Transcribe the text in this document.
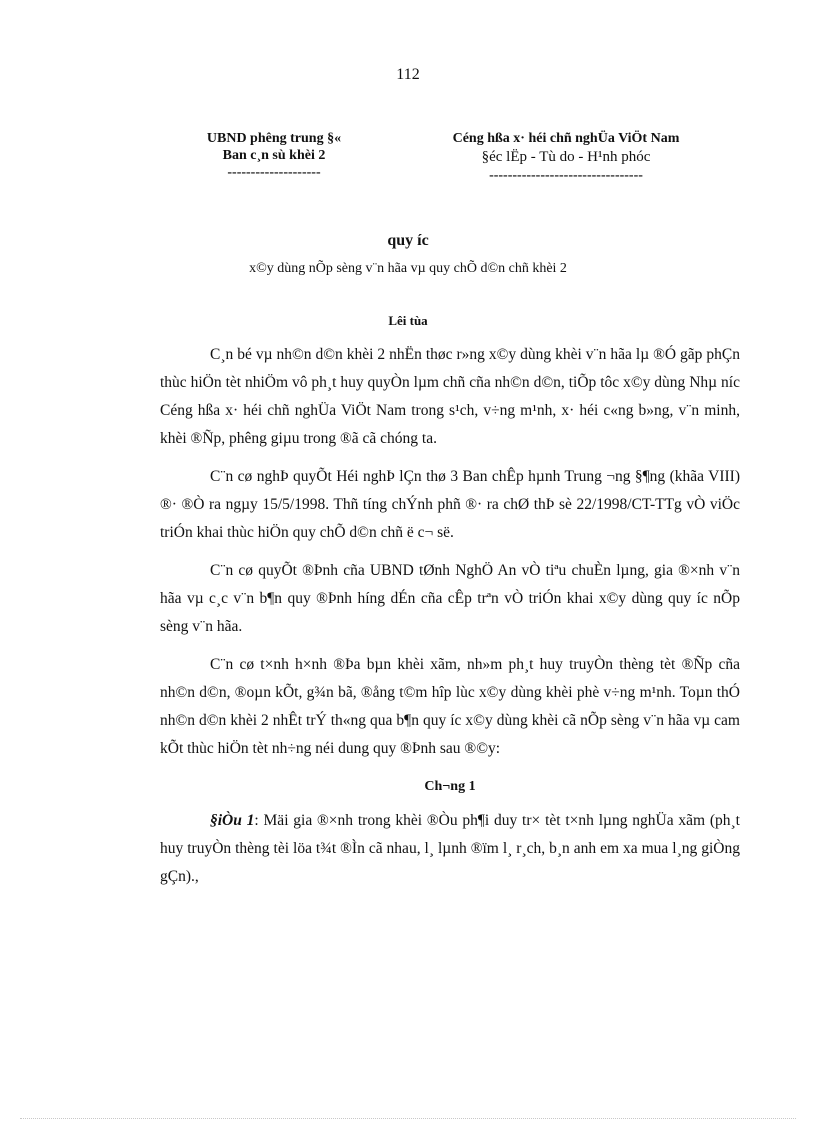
112
UBND phêng trung §«
Ban c¸n sù khèi 2
--------------------
Céng hßa x· héi chñ nghÜa ViÖt Nam
§éc lËp - Tù do - H¹nh phóc
---------------------------------
quy íc
x©y dùng nÕp sèng v¨n hãa vµ quy chÕ d©n chñ khèi 2
Lêi tùa

C¸n bé vµ nh©n d©n khèi 2 nhËn thøc r»ng x©y dùng khèi v¨n hãa lµ ®Ó gãp phÇn thùc hiÖn tèt nhiÖm vô ph¸t huy quyÒn lµm chñ cña nh©n d©n, tiÕp tôc x©y dùng Nhµ níc Céng hßa x· héi chñ nghÜa ViÖt Nam trong s¹ch, v÷ng m¹nh, x· héi c«ng b»ng, v¨n minh, khèi ®Ñp, phêng giµu trong ®ã cã chóng ta.

C¨n cø nghÞ quyÕt Héi nghÞ lÇn thø 3 Ban chÊp hµnh Trung ¬ng §¶ng (khãa VIII) ®· ®Ò ra ngµy 15/5/1998. Thñ tíng chÝnh phñ ®· ra chØ thÞ sè 22/1998/CT-TTg vÒ viÖc triÓn khai thùc hiÖn quy chÕ d©n chñ ë c¬ së.

C¨n cø quyÕt ®Þnh cña UBND tØnh NghÖ An vÒ tiªu chuÈn lµng, gia ®×nh v¨n hãa vµ c¸c v¨n b¶n quy ®Þnh híng dÉn cña cÊp trªn vÒ triÓn khai x©y dùng quy íc nÕp sèng v¨n hãa.

C¨n cø t×nh h×nh ®Þa bµn khèi xãm, nh»m ph¸t huy truyÒn thèng tèt ®Ñp cña nh©n d©n, ®oµn kÕt, g¾n bã, ®ång t©m hîp lùc x©y dùng khèi phè v÷ng m¹nh. Toµn thÓ nh©n d©n khèi 2 nhÊt trÝ th«ng qua b¶n quy íc x©y dùng khèi cã nÕp sèng v¨n hãa vµ cam kÕt thùc hiÖn tèt nh÷ng néi dung quy ®Þnh sau ®©y:

Ch¬ng 1

§iÒu 1: Mäi gia ®×nh trong khèi ®Òu ph¶i duy tr× tèt t×nh lµng nghÜa xãm (ph¸t huy truyÒn thèng tèi löa t¾t ®Ìn cã nhau, l¸ lµnh ®ïm l¸ r¸ch, b¸n anh em xa mua l¸ng giÒng gÇn).,
